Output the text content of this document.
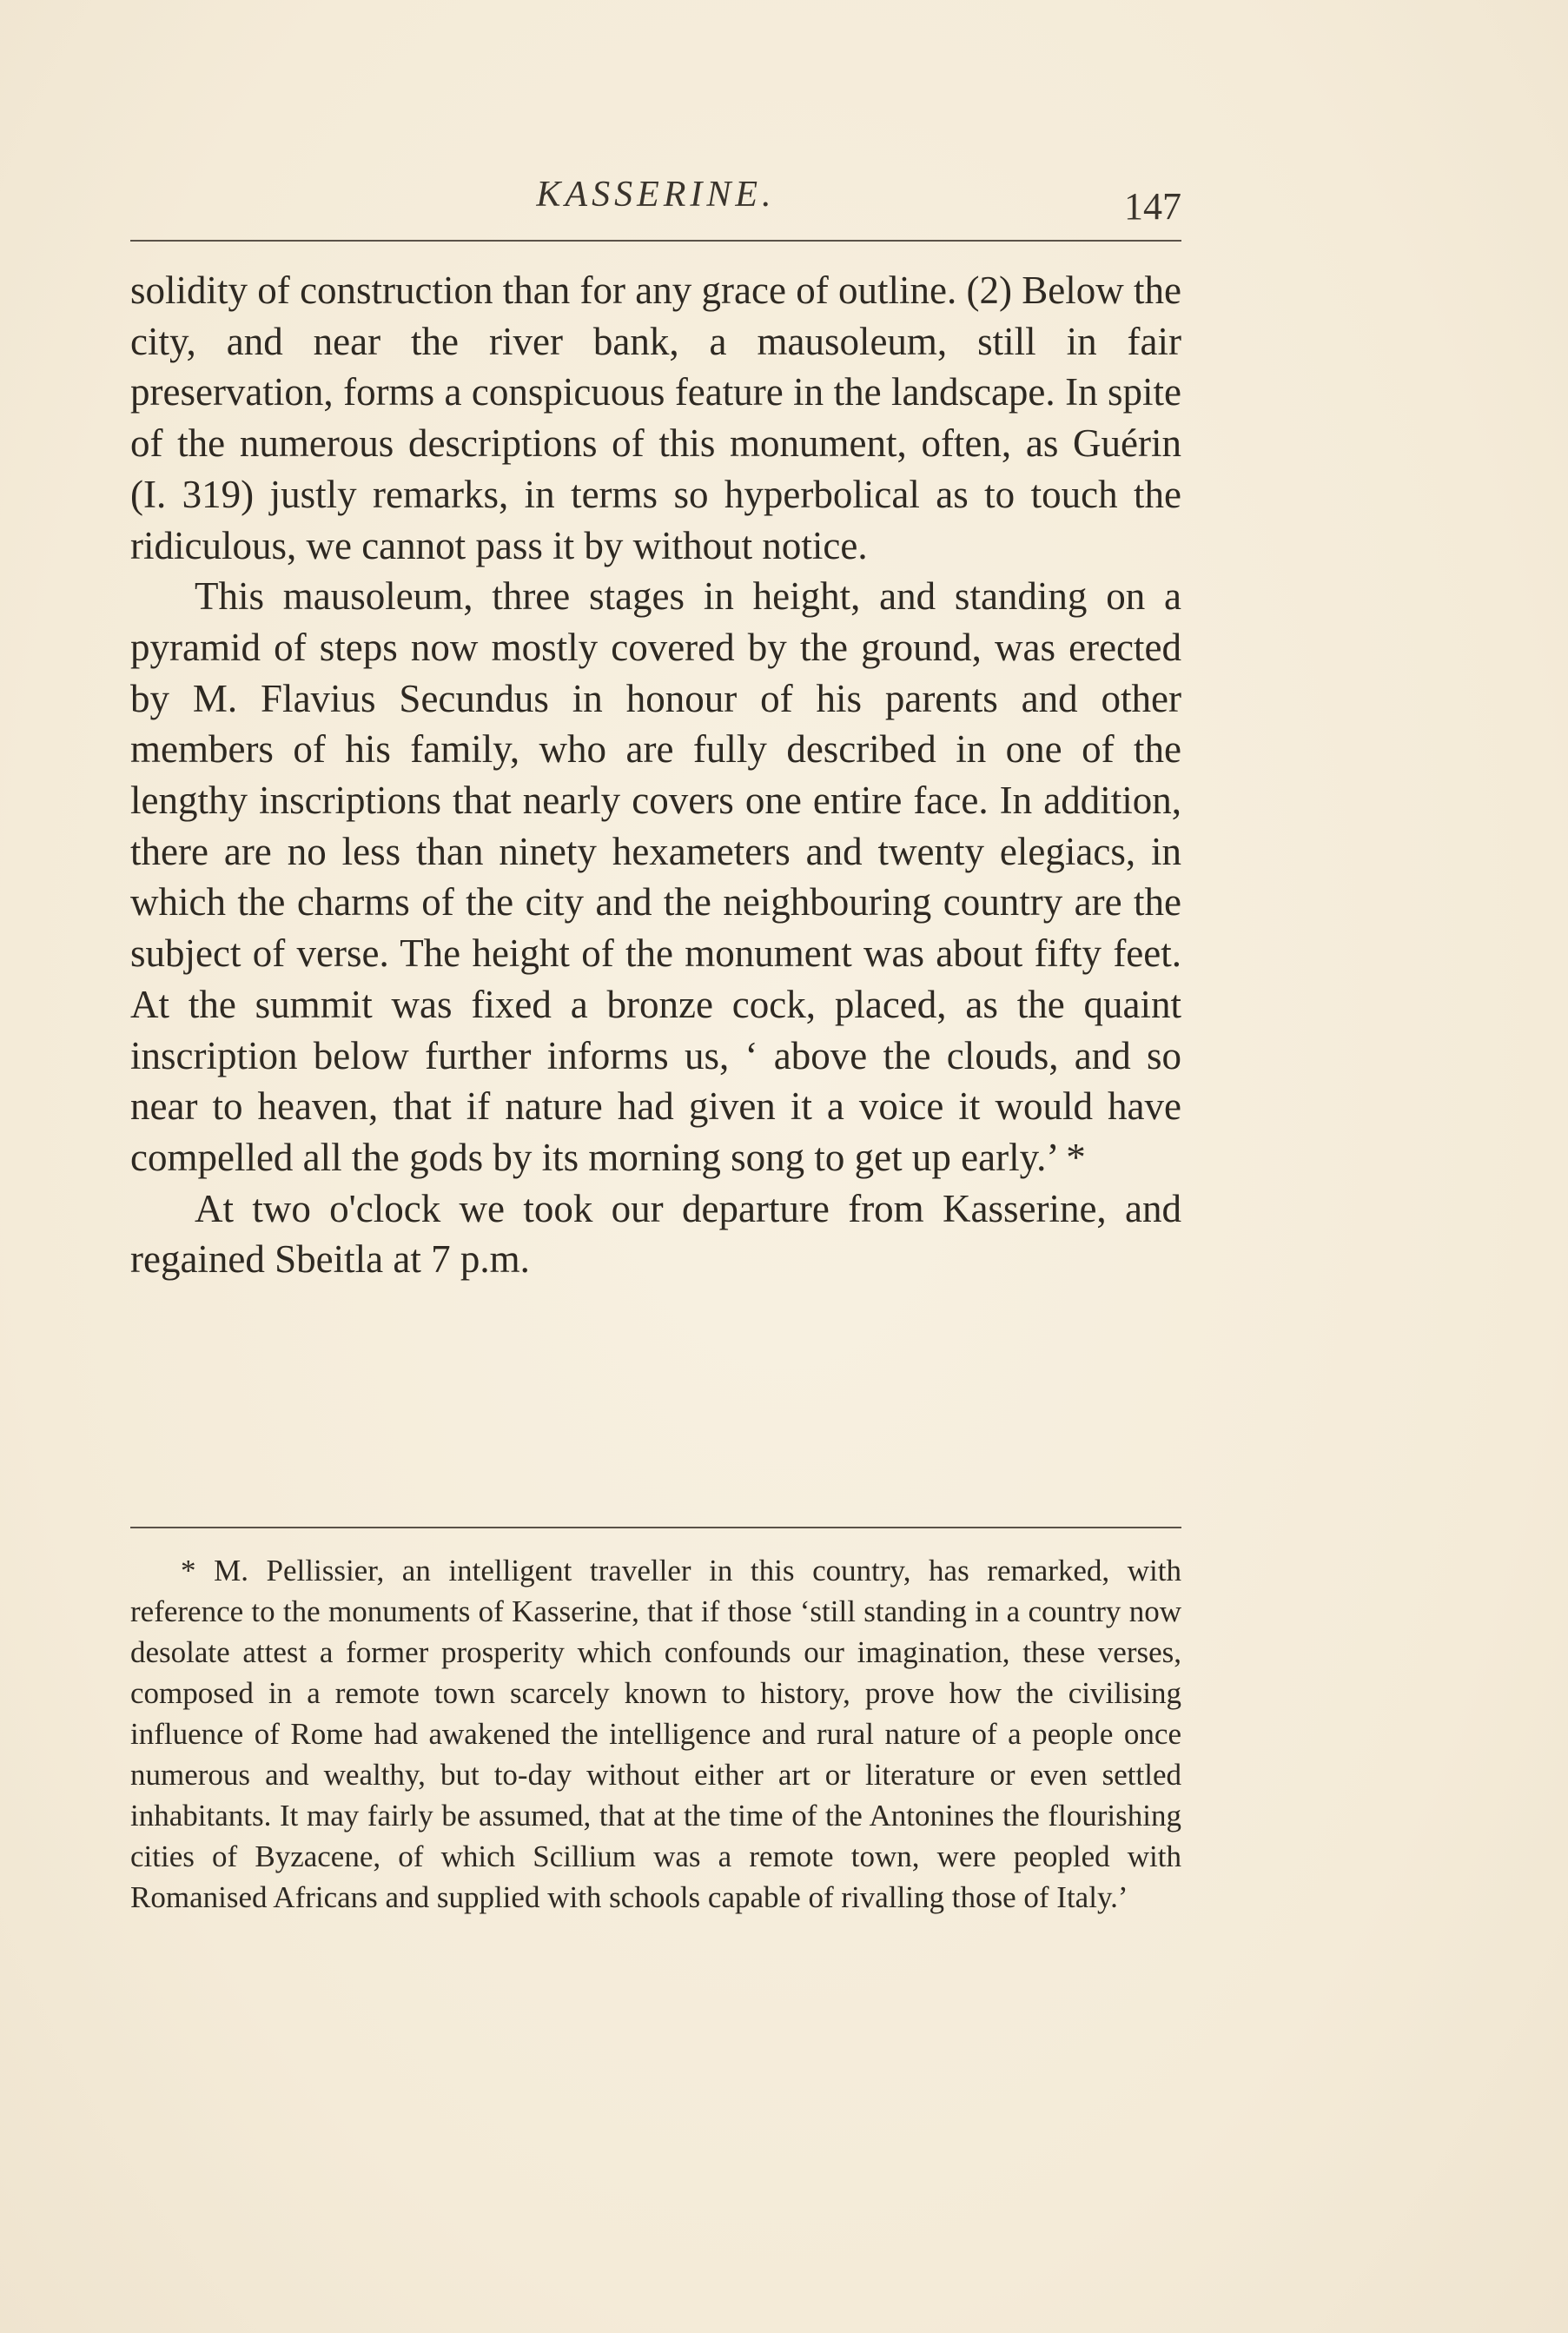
KASSERINE.	147

solidity of construction than for any grace of outline. (2) Below the city, and near the river bank, a mausoleum, still in fair preservation, forms a conspicuous feature in the landscape. In spite of the numerous descriptions of this monument, often, as Guérin (I. 319) justly remarks, in terms so hyperbolical as to touch the ridiculous, we cannot pass it by without notice.

This mausoleum, three stages in height, and standing on a pyramid of steps now mostly covered by the ground, was erected by M. Flavius Secundus in honour of his parents and other members of his family, who are fully described in one of the lengthy inscriptions that nearly covers one entire face. In addition, there are no less than ninety hexameters and twenty elegiacs, in which the charms of the city and the neighbouring country are the subject of verse. The height of the monument was about fifty feet. At the summit was fixed a bronze cock, placed, as the quaint inscription below further informs us, ‘ above the clouds, and so near to heaven, that if nature had given it a voice it would have compelled all the gods by its morning song to get up early.’ *

At two o'clock we took our departure from Kasserine, and regained Sbeitla at 7 p.m.

* M. Pellissier, an intelligent traveller in this country, has remarked, with reference to the monuments of Kasserine, that if those ‘still standing in a country now desolate attest a former prosperity which confounds our imagination, these verses, composed in a remote town scarcely known to history, prove how the civilising influence of Rome had awakened the intelligence and rural nature of a people once numerous and wealthy, but to-day without either art or literature or even settled inhabitants. It may fairly be assumed, that at the time of the Antonines the flourishing cities of Byzacene, of which Scillium was a remote town, were peopled with Romanised Africans and supplied with schools capable of rivalling those of Italy.’
